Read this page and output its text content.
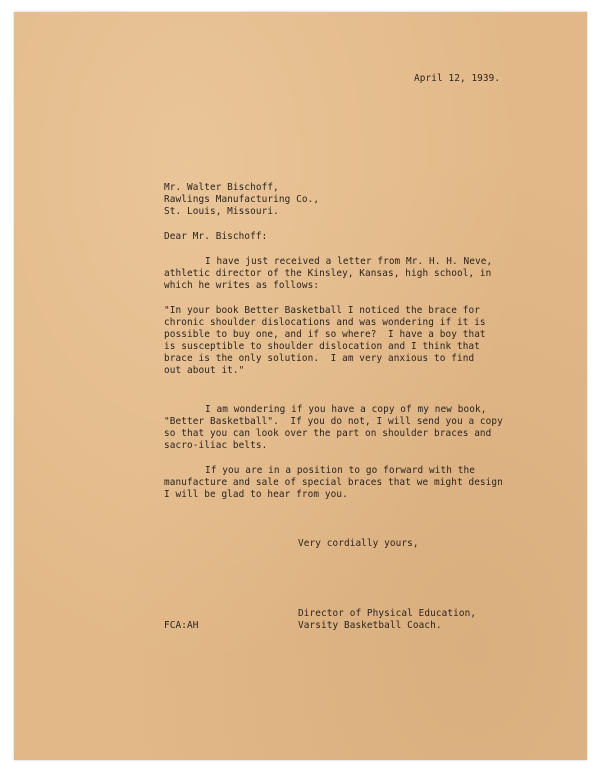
April 12, 1939.
Mr. Walter Bischoff,
Rawlings Manufacturing Co.,
St. Louis, Missouri.
Dear Mr. Bischoff:
I have just received a letter from Mr. H. H. Neve,
athletic director of the Kinsley, Kansas, high school, in
which he writes as follows:
"In your book Better Basketball I noticed the brace for
chronic shoulder dislocations and was wondering if it is
possible to buy one, and if so where?  I have a boy that
is susceptible to shoulder dislocation and I think that
brace is the only solution.  I am very anxious to find
out about it."
I am wondering if you have a copy of my new book,
"Better Basketball".  If you do not, I will send you a copy
so that you can look over the part on shoulder braces and
sacro-iliac belts.
If you are in a position to go forward with the
manufacture and sale of special braces that we might design
I will be glad to hear from you.
Very cordially yours,
FCA:AH
Director of Physical Education,
Varsity Basketball Coach.
